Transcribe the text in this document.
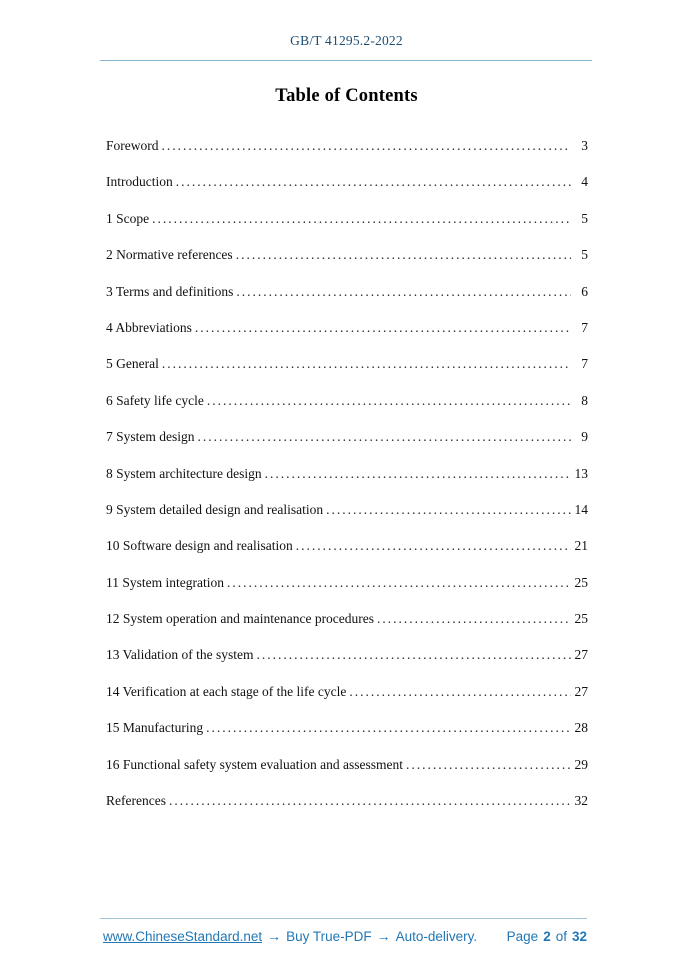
GB/T 41295.2-2022
Table of Contents
Foreword .....	3
Introduction .....	4
1 Scope .....	5
2 Normative references .....	5
3 Terms and definitions .....	6
4 Abbreviations .....	7
5 General .....	7
6 Safety life cycle .....	8
7 System design .....	9
8 System architecture design .....	13
9 System detailed design and realisation .....	14
10 Software design and realisation .....	21
11 System integration .....	25
12 System operation and maintenance procedures .....	25
13 Validation of the system .....	27
14 Verification at each stage of the life cycle .....	27
15 Manufacturing .....	28
16 Functional safety system evaluation and assessment .....	29
References .....	32
www.ChineseStandard.net → Buy True-PDF → Auto-delivery. Page 2 of 32
